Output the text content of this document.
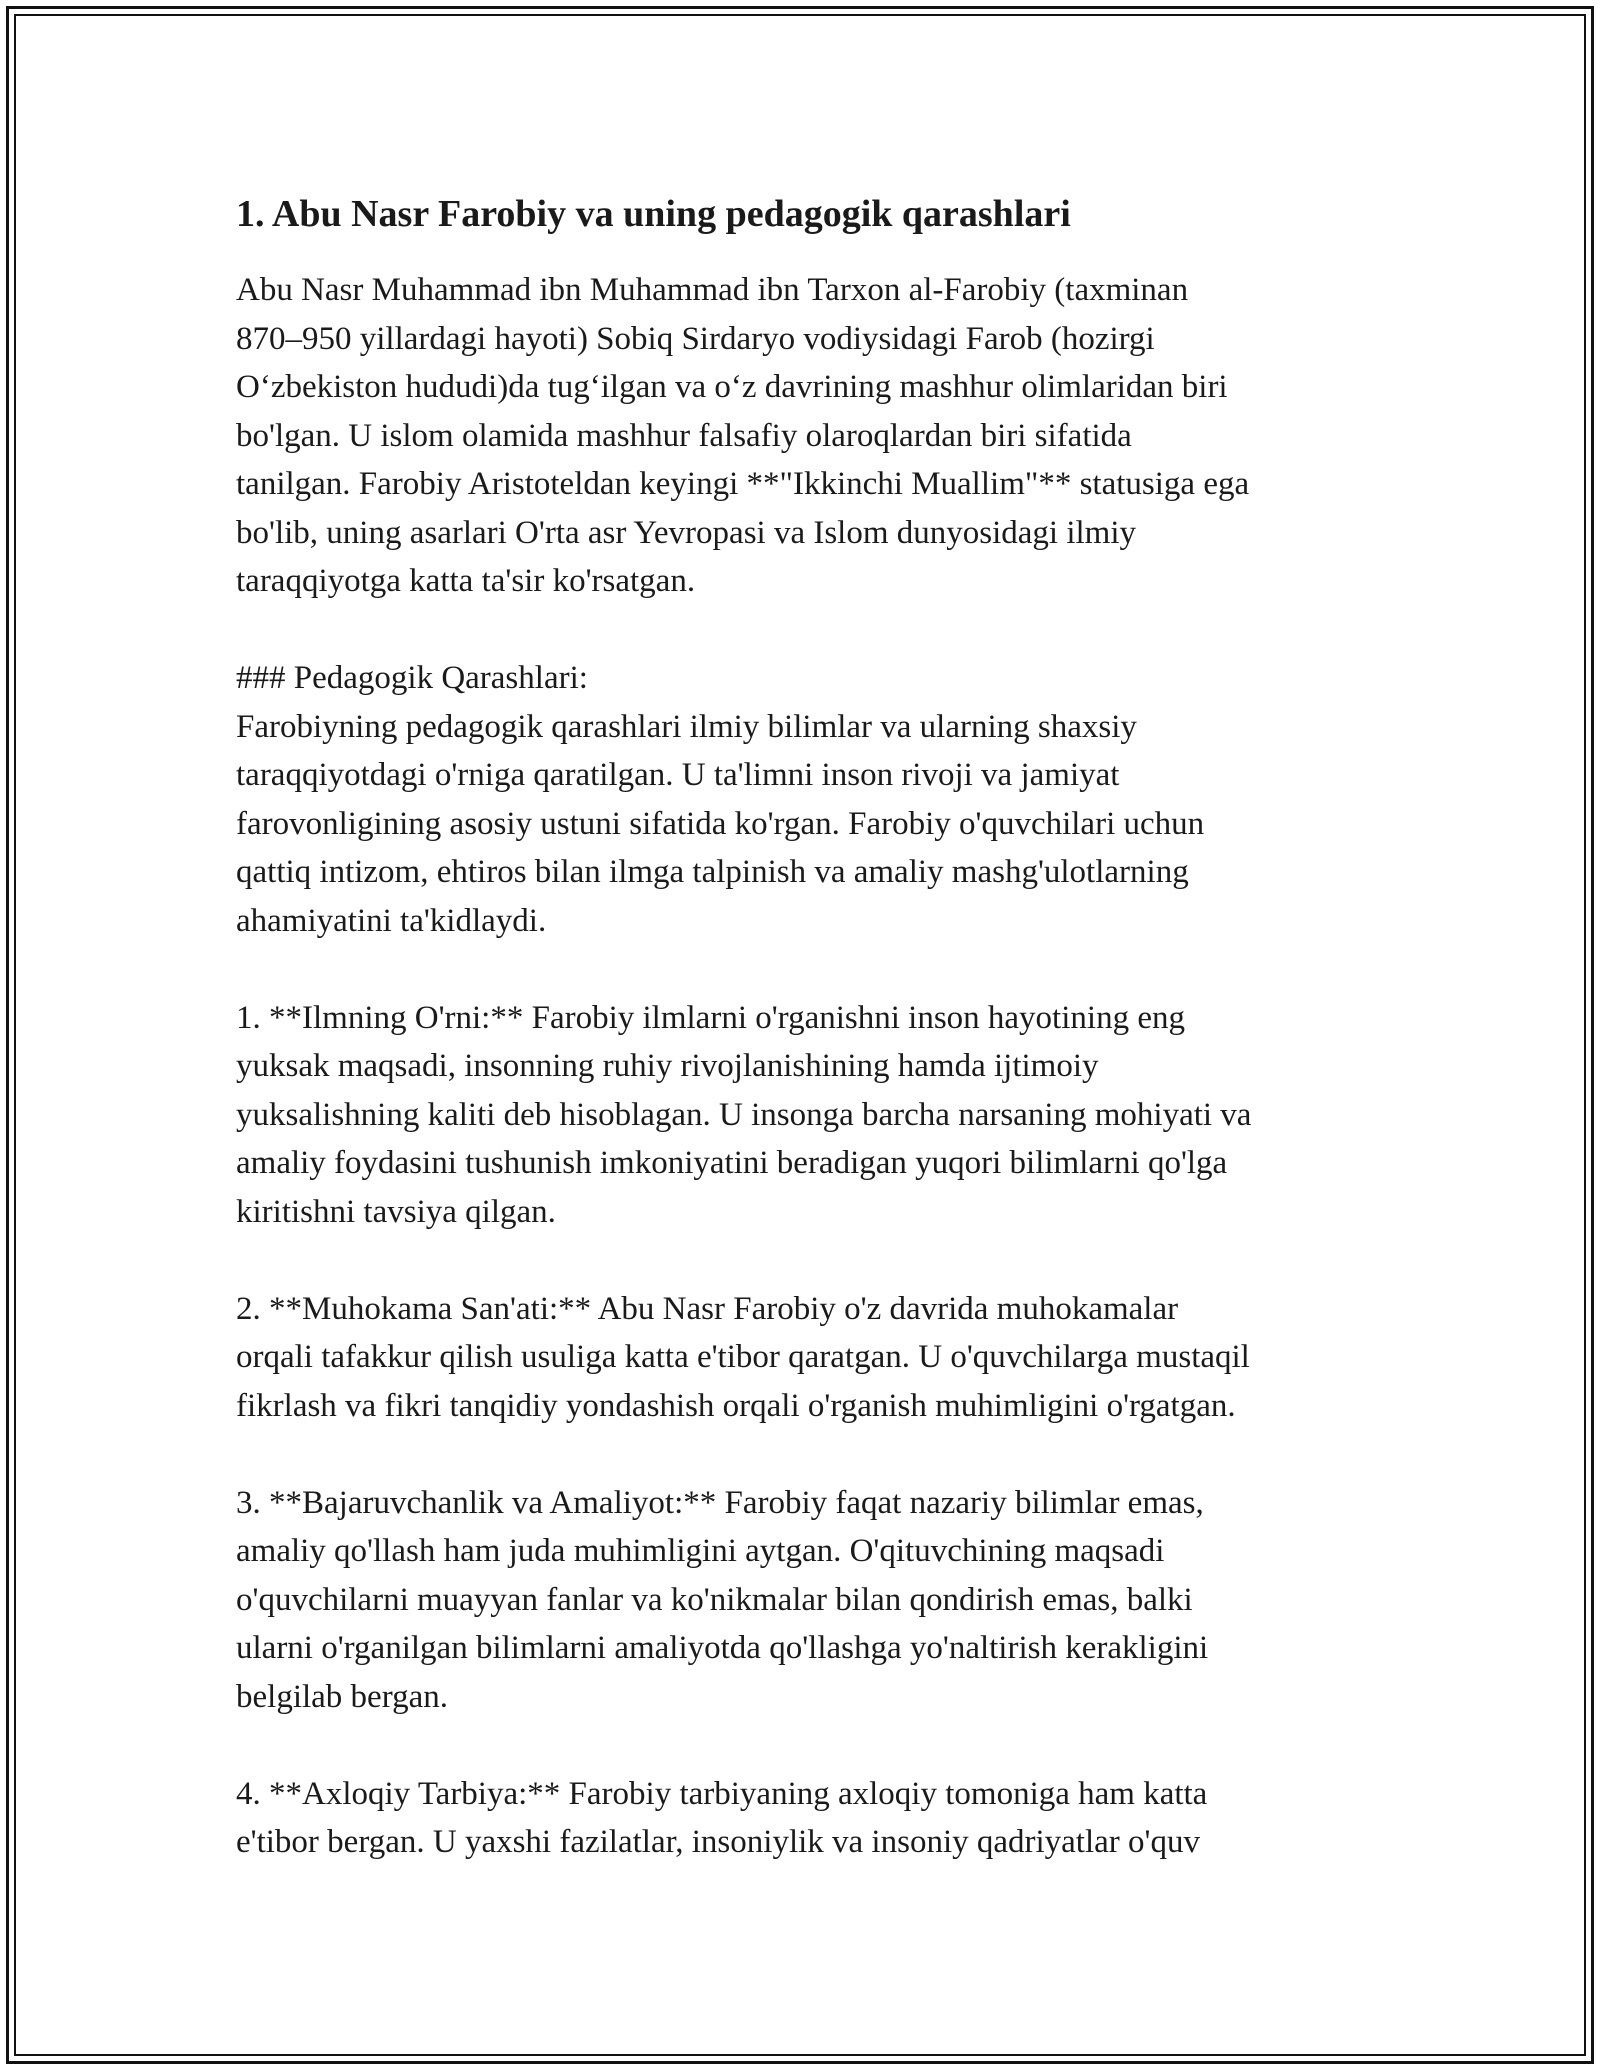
1. Abu Nasr Farobiy va uning pedagogik qarashlari

Abu Nasr Muhammad ibn Muhammad ibn Tarxon al-Farobiy (taxminan
870–950 yillardagi hayoti) Sobiq Sirdaryo vodiysidagi Farob (hozirgi
O‘zbekiston hududi)da tug‘ilgan va o‘z davrining mashhur olimlaridan biri
bo'lgan. U islom olamida mashhur falsafiy olaroqlardan biri sifatida
tanilgan. Farobiy Aristoteldan keyingi **"Ikkinchi Muallim"** statusiga ega
bo'lib, uning asarlari O'rta asr Yevropasi va Islom dunyosidagi ilmiy
taraqqiyotga katta ta'sir ko'rsatgan.

### Pedagogik Qarashlari:
Farobiyning pedagogik qarashlari ilmiy bilimlar va ularning shaxsiy
taraqqiyotdagi o'rniga qaratilgan. U ta'limni inson rivoji va jamiyat
farovonligining asosiy ustuni sifatida ko'rgan. Farobiy o'quvchilari uchun
qattiq intizom, ehtiros bilan ilmga talpinish va amaliy mashg'ulotlarning
ahamiyatini ta'kidlaydi.

1. **Ilmning O'rni:** Farobiy ilmlarni o'rganishni inson hayotining eng
yuksak maqsadi, insonning ruhiy rivojlanishining hamda ijtimoiy
yuksalishning kaliti deb hisoblagan. U insonga barcha narsaning mohiyati va
amaliy foydasini tushunish imkoniyatini beradigan yuqori bilimlarni qo'lga
kiritishni tavsiya qilgan.

2. **Muhokama San'ati:** Abu Nasr Farobiy o'z davrida muhokamalar
orqali tafakkur qilish usuliga katta e'tibor qaratgan. U o'quvchilarga mustaqil
fikrlash va fikri tanqidiy yondashish orqali o'rganish muhimligini o'rgatgan.

3. **Bajaruvchanlik va Amaliyot:** Farobiy faqat nazariy bilimlar emas,
amaliy qo'llash ham juda muhimligini aytgan. O'qituvchining maqsadi
o'quvchilarni muayyan fanlar va ko'nikmalar bilan qondirish emas, balki
ularni o'rganilgan bilimlarni amaliyotda qo'llashga yo'naltirish kerakligini
belgilab bergan.

4. **Axloqiy Tarbiya:** Farobiy tarbiyaning axloqiy tomoniga ham katta
e'tibor bergan. U yaxshi fazilatlar, insoniylik va insoniy qadriyatlar o'quv
